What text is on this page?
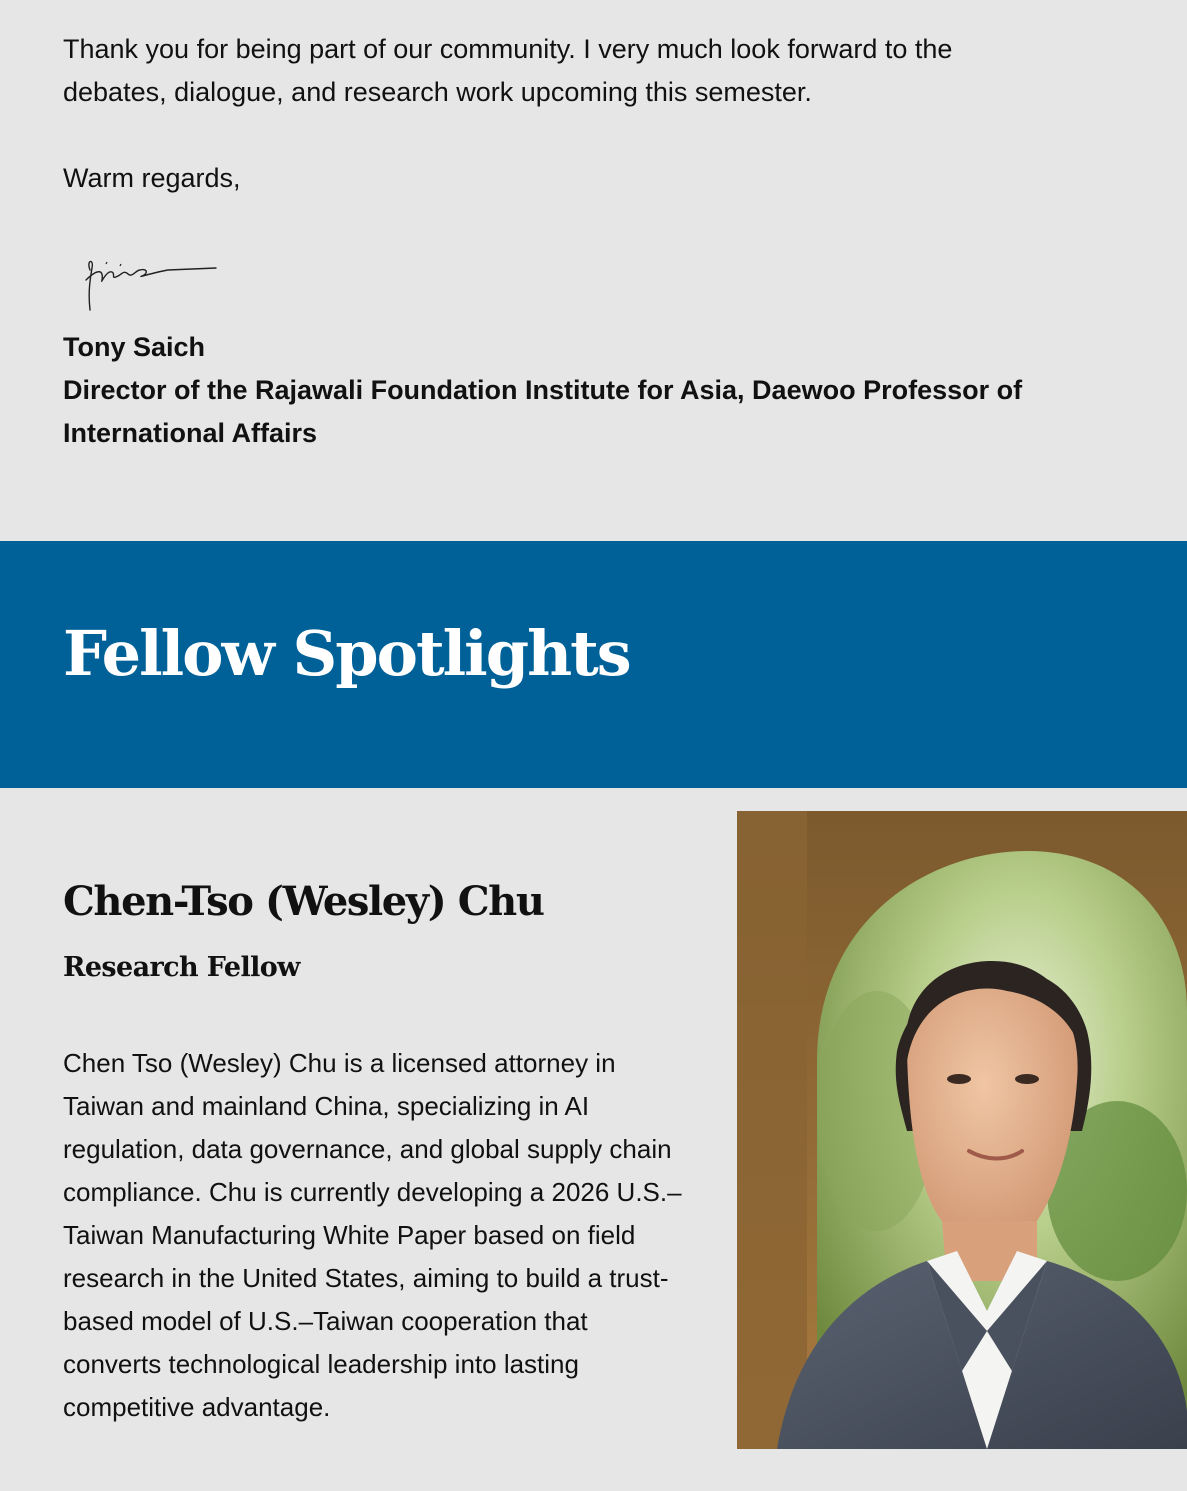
Thank you for being part of our community. I very much look forward to the debates, dialogue, and research work upcoming this semester.

Warm regards,

Tony Saich
Director of the Rajawali Foundation Institute for Asia, Daewoo Professor of International Affairs
Fellow Spotlights
Chen-Tso (Wesley) Chu
Research Fellow

Chen Tso (Wesley) Chu is a licensed attorney in Taiwan and mainland China, specializing in AI regulation, data governance, and global supply chain compliance. Chu is currently developing a 2026 U.S.–Taiwan Manufacturing White Paper based on field research in the United States, aiming to build a trust-based model of U.S.–Taiwan cooperation that converts technological leadership into lasting competitive advantage.
